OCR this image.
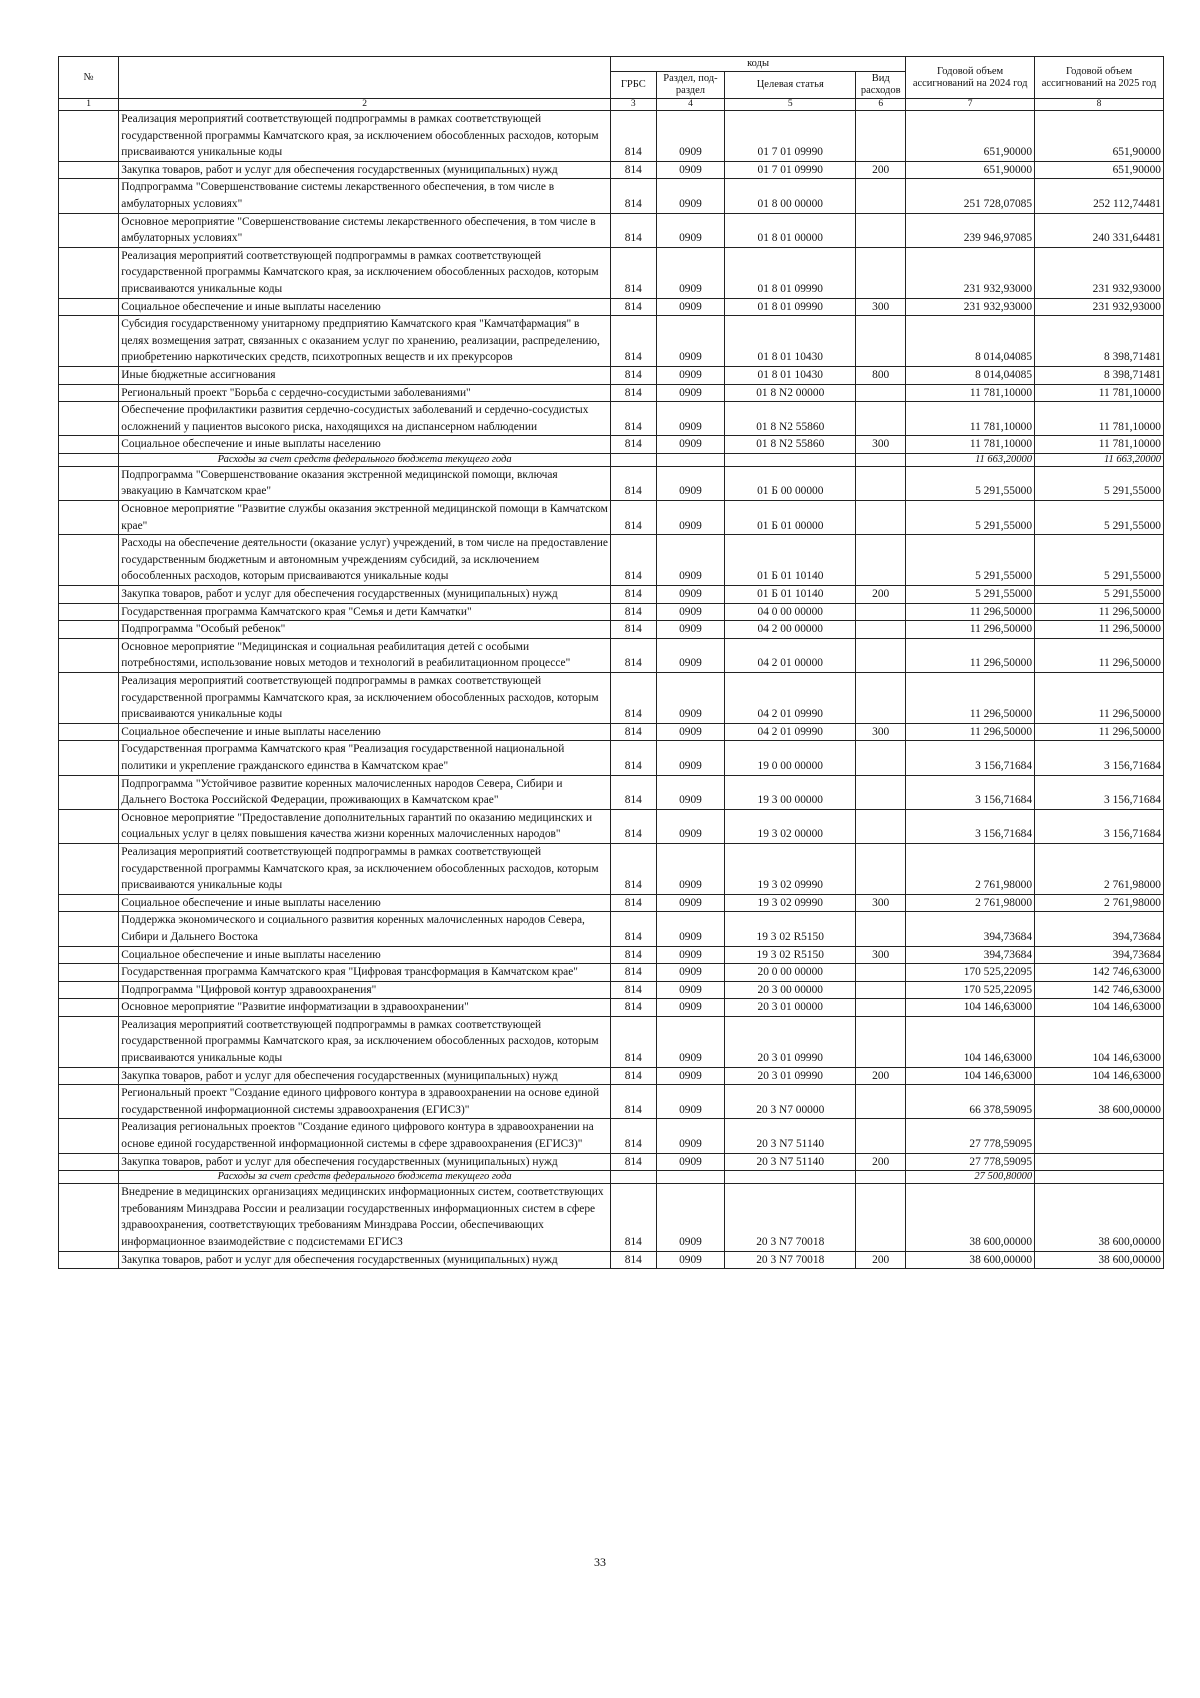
№		коды				Годовой объем ассигнований на 2024 год	Годовой объем ассигнований на 2025 год
		ГРБС	Раздел, под-раздел	Целевая статья	Вид расходов		
1	2	3	4	5	6	7	8
	Реализация мероприятий соответствующей подпрограммы в рамках соответствующей государственной программы Камчатского края, за исключением обособленных расходов, которым присваиваются уникальные коды	814	0909	01 7 01 09990		651,90000	651,90000
	Закупка товаров, работ и услуг для обеспечения государственных (муниципальных) нужд	814	0909	01 7 01 09990	200	651,90000	651,90000
	Подпрограмма "Совершенствование системы лекарственного обеспечения, в том числе в амбулаторных условиях"	814	0909	01 8 00 00000		251 728,07085	252 112,74481
	Основное мероприятие "Совершенствование системы лекарственного обеспечения, в том числе в амбулаторных условиях"	814	0909	01 8 01 00000		239 946,97085	240 331,64481
	Реализация мероприятий соответствующей подпрограммы в рамках соответствующей государственной программы Камчатского края, за исключением обособленных расходов, которым присваиваются уникальные коды	814	0909	01 8 01 09990		231 932,93000	231 932,93000
	Социальное обеспечение и иные выплаты населению	814	0909	01 8 01 09990	300	231 932,93000	231 932,93000
	Субсидия государственному унитарному предприятию Камчатского края "Камчатфармация" в целях возмещения затрат, связанных с оказанием услуг по хранению, реализации, распределению, приобретению наркотических средств, психотропных веществ и их прекурсоров	814	0909	01 8 01 10430		8 014,04085	8 398,71481
	Иные бюджетные ассигнования	814	0909	01 8 01 10430	800	8 014,04085	8 398,71481
	Региональный проект "Борьба с сердечно-сосудистыми заболеваниями"	814	0909	01 8 N2 00000		11 781,10000	11 781,10000
	Обеспечение профилактики развития сердечно-сосудистых заболеваний и сердечно-сосудистых осложнений у пациентов высокого риска, находящихся на диспансерном наблюдении	814	0909	01 8 N2 55860		11 781,10000	11 781,10000
	Социальное обеспечение и иные выплаты населению	814	0909	01 8 N2 55860	300	11 781,10000	11 781,10000
	Расходы за счет средств федерального бюджета текущего года					11 663,20000	11 663,20000
	Подпрограмма "Совершенствование оказания экстренной медицинской помощи, включая эвакуацию в Камчатском крае"	814	0909	01 Б 00 00000		5 291,55000	5 291,55000
	Основное мероприятие "Развитие службы оказания экстренной медицинской помощи в Камчатском крае"	814	0909	01 Б 01 00000		5 291,55000	5 291,55000
	Расходы на обеспечение деятельности (оказание услуг) учреждений, в том числе на предоставление государственным бюджетным и автономным учреждениям субсидий, за исключением обособленных расходов, которым присваиваются уникальные коды	814	0909	01 Б 01 10140		5 291,55000	5 291,55000
	Закупка товаров, работ и услуг для обеспечения государственных (муниципальных) нужд	814	0909	01 Б 01 10140	200	5 291,55000	5 291,55000
	Государственная программа Камчатского края "Семья и дети Камчатки"	814	0909	04 0 00 00000		11 296,50000	11 296,50000
	Подпрограмма "Особый ребенок"	814	0909	04 2 00 00000		11 296,50000	11 296,50000
	Основное мероприятие "Медицинская и социальная реабилитация детей с особыми потребностями, использование новых методов и технологий в реабилитационном процессе"	814	0909	04 2 01 00000		11 296,50000	11 296,50000
	Реализация мероприятий соответствующей подпрограммы в рамках соответствующей государственной программы Камчатского края, за исключением обособленных расходов, которым присваиваются уникальные коды	814	0909	04 2 01 09990		11 296,50000	11 296,50000
	Социальное обеспечение и иные выплаты населению	814	0909	04 2 01 09990	300	11 296,50000	11 296,50000
	Государственная программа Камчатского края "Реализация государственной национальной политики и укрепление гражданского единства в Камчатском крае"	814	0909	19 0 00 00000		3 156,71684	3 156,71684
	Подпрограмма "Устойчивое развитие коренных малочисленных народов Севера, Сибири и Дальнего Востока Российской Федерации, проживающих в Камчатском крае"	814	0909	19 3 00 00000		3 156,71684	3 156,71684
	Основное мероприятие "Предоставление дополнительных гарантий по оказанию медицинских и социальных услуг в целях повышения качества жизни коренных малочисленных народов"	814	0909	19 3 02 00000		3 156,71684	3 156,71684
	Реализация мероприятий соответствующей подпрограммы в рамках соответствующей государственной программы Камчатского края, за исключением обособленных расходов, которым присваиваются уникальные коды	814	0909	19 3 02 09990		2 761,98000	2 761,98000
	Социальное обеспечение и иные выплаты населению	814	0909	19 3 02 09990	300	2 761,98000	2 761,98000
	Поддержка экономического и социального развития коренных малочисленных народов Севера, Сибири и Дальнего Востока	814	0909	19 3 02 R5150		394,73684	394,73684
	Социальное обеспечение и иные выплаты населению	814	0909	19 3 02 R5150	300	394,73684	394,73684
	Государственная программа Камчатского края "Цифровая трансформация в Камчатском крае"	814	0909	20 0 00 00000		170 525,22095	142 746,63000
	Подпрограмма "Цифровой контур здравоохранения"	814	0909	20 3 00 00000		170 525,22095	142 746,63000
	Основное мероприятие "Развитие информатизации в здравоохранении"	814	0909	20 3 01 00000		104 146,63000	104 146,63000
	Реализация мероприятий соответствующей подпрограммы в рамках соответствующей государственной программы Камчатского края, за исключением обособленных расходов, которым присваиваются уникальные коды	814	0909	20 3 01 09990		104 146,63000	104 146,63000
	Закупка товаров, работ и услуг для обеспечения государственных (муниципальных) нужд	814	0909	20 3 01 09990	200	104 146,63000	104 146,63000
	Региональный проект "Создание единого цифрового контура в здравоохранении на основе единой государственной информационной системы здравоохранения (ЕГИСЗ)"	814	0909	20 3 N7 00000		66 378,59095	38 600,00000
	Реализация региональных проектов "Создание единого цифрового контура в здравоохранении на основе единой государственной информационной системы в сфере здравоохранения (ЕГИСЗ)"	814	0909	20 3 N7 51140		27 778,59095	
	Закупка товаров, работ и услуг для обеспечения государственных (муниципальных) нужд	814	0909	20 3 N7 51140	200	27 778,59095	
	Расходы за счет средств федерального бюджета текущего года					27 500,80000	
	Внедрение в медицинских организациях медицинских информационных систем, соответствующих требованиям Минздрава России и реализации государственных информационных систем в сфере здравоохранения, соответствующих требованиям Минздрава России, обеспечивающих информационное взаимодействие с подсистемами ЕГИСЗ	814	0909	20 3 N7 70018		38 600,00000	38 600,00000
	Закупка товаров, работ и услуг для обеспечения государственных (муниципальных) нужд	814	0909	20 3 N7 70018	200	38 600,00000	38 600,00000
33
